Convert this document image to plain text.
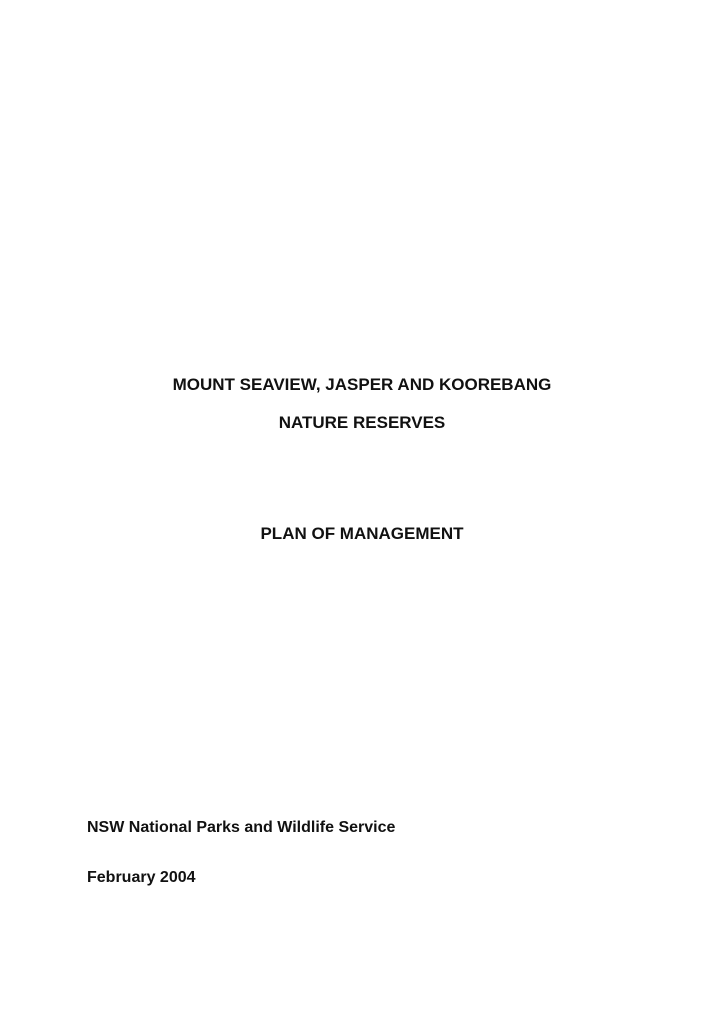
MOUNT SEAVIEW, JASPER AND KOOREBANG
NATURE RESERVES
PLAN OF MANAGEMENT
NSW National Parks and Wildlife Service
February 2004
